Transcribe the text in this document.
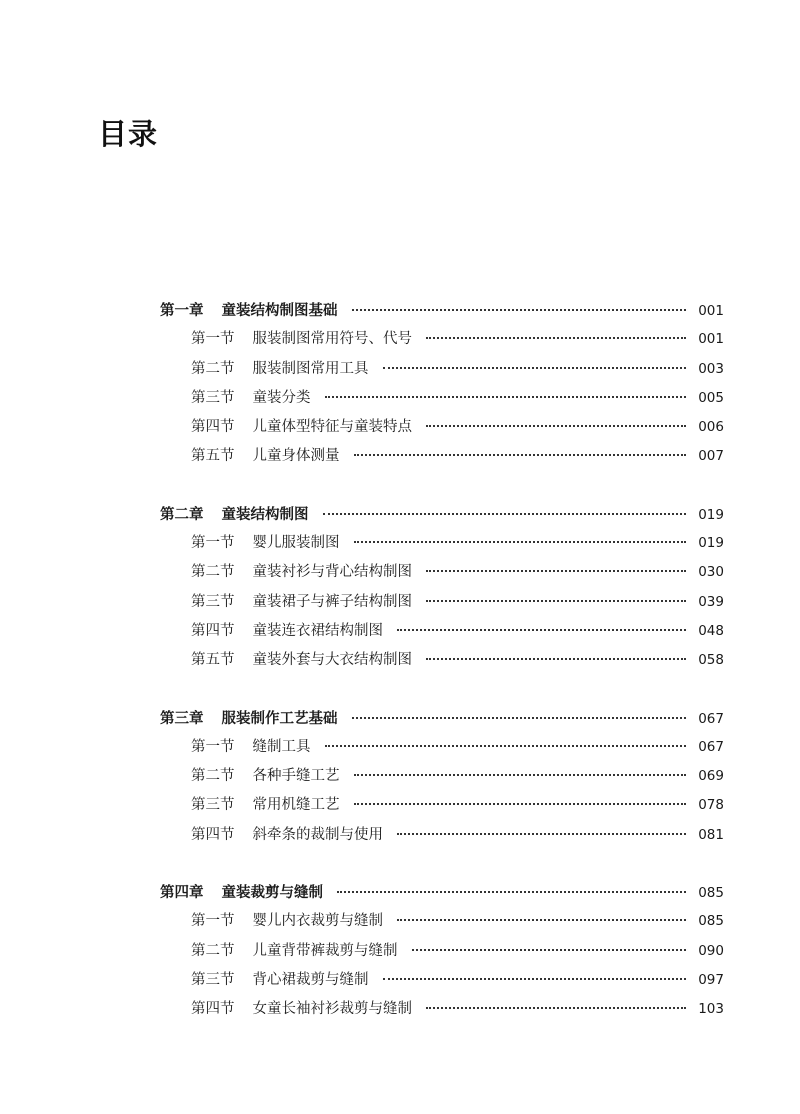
目录
第一章 童装结构制图基础	001
第一节 服装制图常用符号、代号	001
第二节 服装制图常用工具	003
第三节 童装分类	005
第四节 儿童体型特征与童装特点	006
第五节 儿童身体测量	007
第二章 童装结构制图	019
第一节 婴儿服装制图	019
第二节 童装衬衫与背心结构制图	030
第三节 童装裙子与裤子结构制图	039
第四节 童装连衣裙结构制图	048
第五节 童装外套与大衣结构制图	058
第三章 服装制作工艺基础	067
第一节 缝制工具	067
第二节 各种手缝工艺	069
第三节 常用机缝工艺	078
第四节 斜牵条的裁制与使用	081
第四章 童装裁剪与缝制	085
第一节 婴儿内衣裁剪与缝制	085
第二节 儿童背带裤裁剪与缝制	090
第三节 背心裙裁剪与缝制	097
第四节 女童长袖衬衫裁剪与缝制	103
